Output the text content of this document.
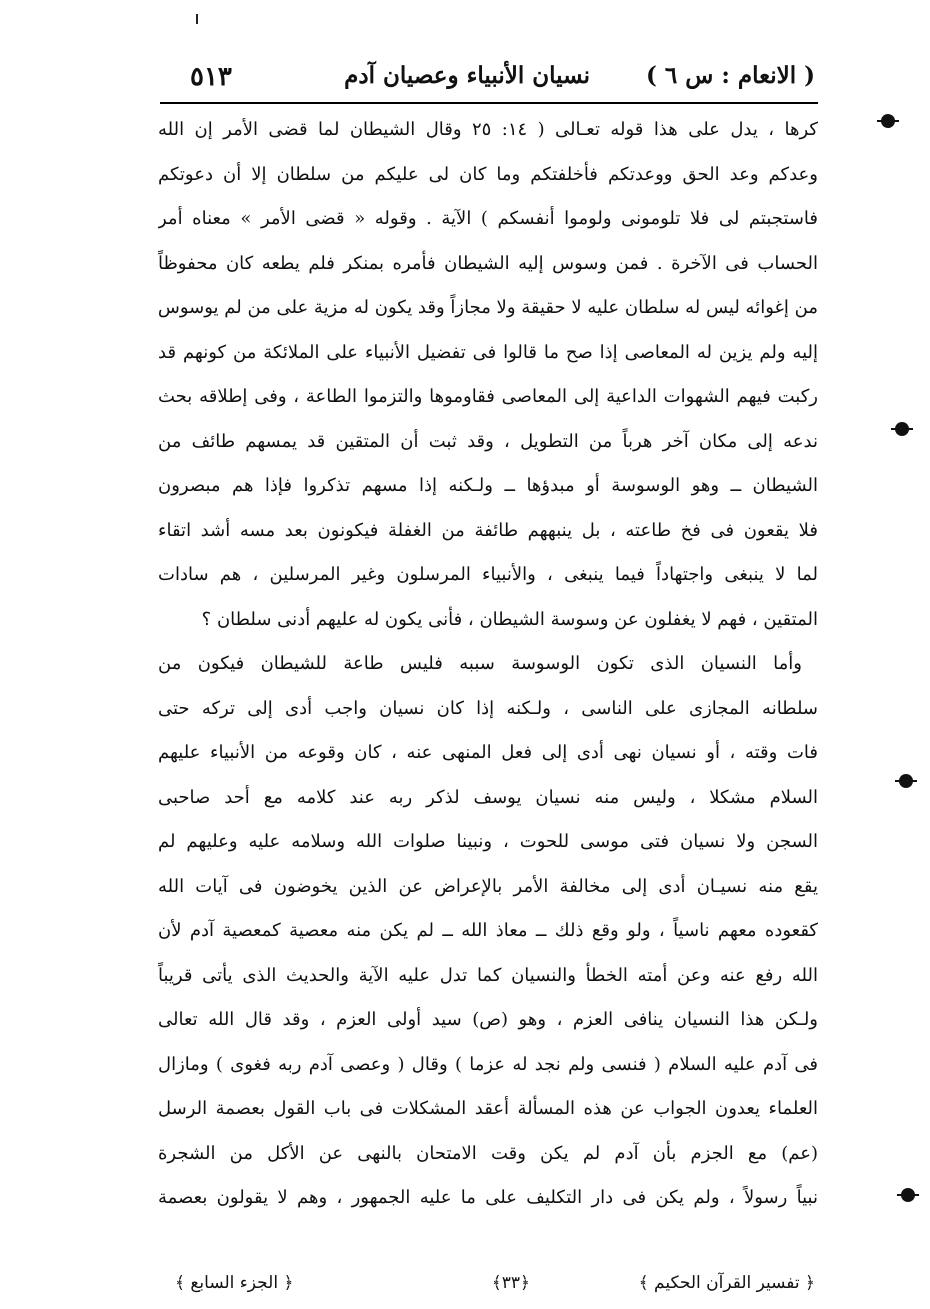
( الانعام : س ٦ )
نسيان الأنبياء وعصيان آدم
٥١٣
كرها ، يدل على هذا قوله تعـالى ( ١٤: ٢٥ وقال الشيطان لما قضى الأمر إن الله
وعدكم وعد الحق ووعدتكم فأخلفتكم وما كان لى عليكم من سلطان إلا أن دعوتكم
فاستجبتم لى فلا تلومونى ولوموا أنفسكم ) الآية . وقوله « قضى الأمر » معناه أمر
الحساب فى الآخرة . فمن وسوس إليه الشيطان فأمره بمنكر فلم يطعه كان محفوظاً
من إغوائه ليس له سلطان عليه لا حقيقة ولا مجازاً وقد يكون له مزية على من لم يوسوس
إليه ولم يزين له المعاصى إذا صح ما قالوا فى تفضيل الأنبياء على الملائكة من كونهم قد
ركبت فيهم الشهوات الداعية إلى المعاصى فقاوموها والتزموا الطاعة ، وفى إطلاقه بحث
ندعه إلى مكان آخر هرباً من التطويل ، وقد ثبت أن المتقين قد يمسهم طائف من
الشيطان ــ وهو الوسوسة أو مبدؤها ــ ولـكنه إذا مسهم تذكروا فإذا هم مبصرون
فلا يقعون فى فخ طاعته ، بل ينبههم طائفة من الغفلة فيكونون بعد مسه أشد اتقاء
لما لا ينبغى واجتهاداً فيما ينبغى ، والأنبياء المرسلون وغير المرسلين ، هم سادات
المتقين ، فهم لا يغفلون عن وسوسة الشيطان ، فأنى يكون له عليهم أدنى سلطان ؟
وأما النسيان الذى تكون الوسوسة سببه فليس طاعة للشيطان فيكون من
سلطانه المجازى على الناسى ، ولـكنه إذا كان نسيان واجب أدى إلى تركه حتى
فات وقته ، أو نسيان نهى أدى إلى فعل المنهى عنه ، كان وقوعه من الأنبياء عليهم
السلام مشكلا ، وليس منه نسيان يوسف لذكر ربه عند كلامه مع أحد صاحبى
السجن ولا نسيان فتى موسى للحوت ، ونبينا صلوات الله وسلامه عليه وعليهم لم
يقع منه نسيـان أدى إلى مخالفة الأمر بالإعراض عن الذين يخوضون فى آيات الله
كقعوده معهم ناسياً ، ولو وقع ذلك ــ معاذ الله ــ لم يكن منه معصية كمعصية آدم لأن
الله رفع عنه وعن أمته الخطأ والنسيان كما تدل عليه الآية والحديث الذى يأتى قريباً
ولـكن هذا النسيان ينافى العزم ، وهو (ص) سيد أولى العزم ، وقد قال الله تعالى
فى آدم عليه السلام ( فنسى ولم نجد له عزما ) وقال ( وعصى آدم ربه فغوى ) ومازال
العلماء يعدون الجواب عن هذه المسألة أعقد المشكلات فى باب القول بعصمة الرسل
(عم) مع الجزم بأن آدم لم يكن وقت الامتحان بالنهى عن الأكل من الشجرة
نبياً رسولاً ، ولم يكن فى دار التكليف على ما عليه الجمهور ، وهم لا يقولون بعصمة
﴿ تفسير القرآن الحكيم ﴾
﴿٣٣﴾
﴿ الجزء السابع ﴾
